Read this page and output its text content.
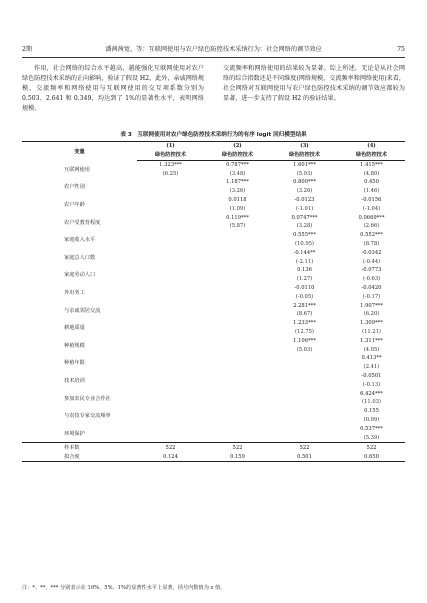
2期	潘茜茜宽，等：互联网使用与农户绿色防控技术采纳行为：社会网络的调节效应	75

作用，社会网络的综合水平越高，越能强化互联网使用对农户绿色防控技术采纳的正向影响，验证了假设 H2。此外，亲戚网络规模、交流频率和网络使用与互联网使用的交互项系数分别为 0.503、2.641 和 0.349，均达到了 1%的显著性水平，表明网络规模、

交流频率和网络使用的结果较为显著。综上所述，无论是从社会网络的综合指数还是不同维度(网络规模、交流频率和网络使用)来看，社会网络对互联网使用与农户绿色防控技术采纳的调节效应都较为显著，进一步支持了假设 H2 的验证结果。

表 3　互联网使用对农户绿色防控技术采纳行为的有序 logit 回归模型结果
变量	(1)	(2)	(3)	(4)
	绿色防控技术	绿色防控技术	绿色防控技术	绿色防控技术
互联网使用	1.323***	0.787***	1.601***	1.415***
	(6.25)	(3.48)	(5.93)	(4.80)
农户性别		1.187***	0.800***	0.450
		(3.26)	(3.26)	(1.46)
农户年龄		0.0118	-0.0123	-0.0156
		(1.09)	(-1.01)	(-1.04)
农户受教育程度		0.119***	0.0747***	0.0669***
		(5.87)	(3.28)	(2.66)
家庭收入水平			0.555***	0.552***
			(10.95)	(8.78)
家庭总人口数			-0.144**	-0.0342
			(-2.11)	(-0.44)
家庭劳动人口			0.136	-0.0773
			(1.27)	(-0.63)
外出务工			-0.0110	-0.0420
			(-0.05)	(-0.17)
与亲戚邻居交流			2.281***	1.907***
			(8.67)	(6.20)
耕地质量			1.233***	1.309***
			(12.75)	(11.21)
种植规模			1.106***	1.311***
			(5.03)	(4.05)
种植年限				0.413**
				(2.41)
技术培训				-0.0501
				(-0.13)
参加农民专业合作社				6.424***
				(11.03)
与农技专家交流频率				0.155
				(0.99)
环境保护				0.537***
				(5.39)
样本数	522	522	522	522
拟合度	0.124	0.159	0.501	0.650
注：*、**、*** 分别表示在 10%、5%、1%的显著性水平上显著，括号内数值为 z 值。
